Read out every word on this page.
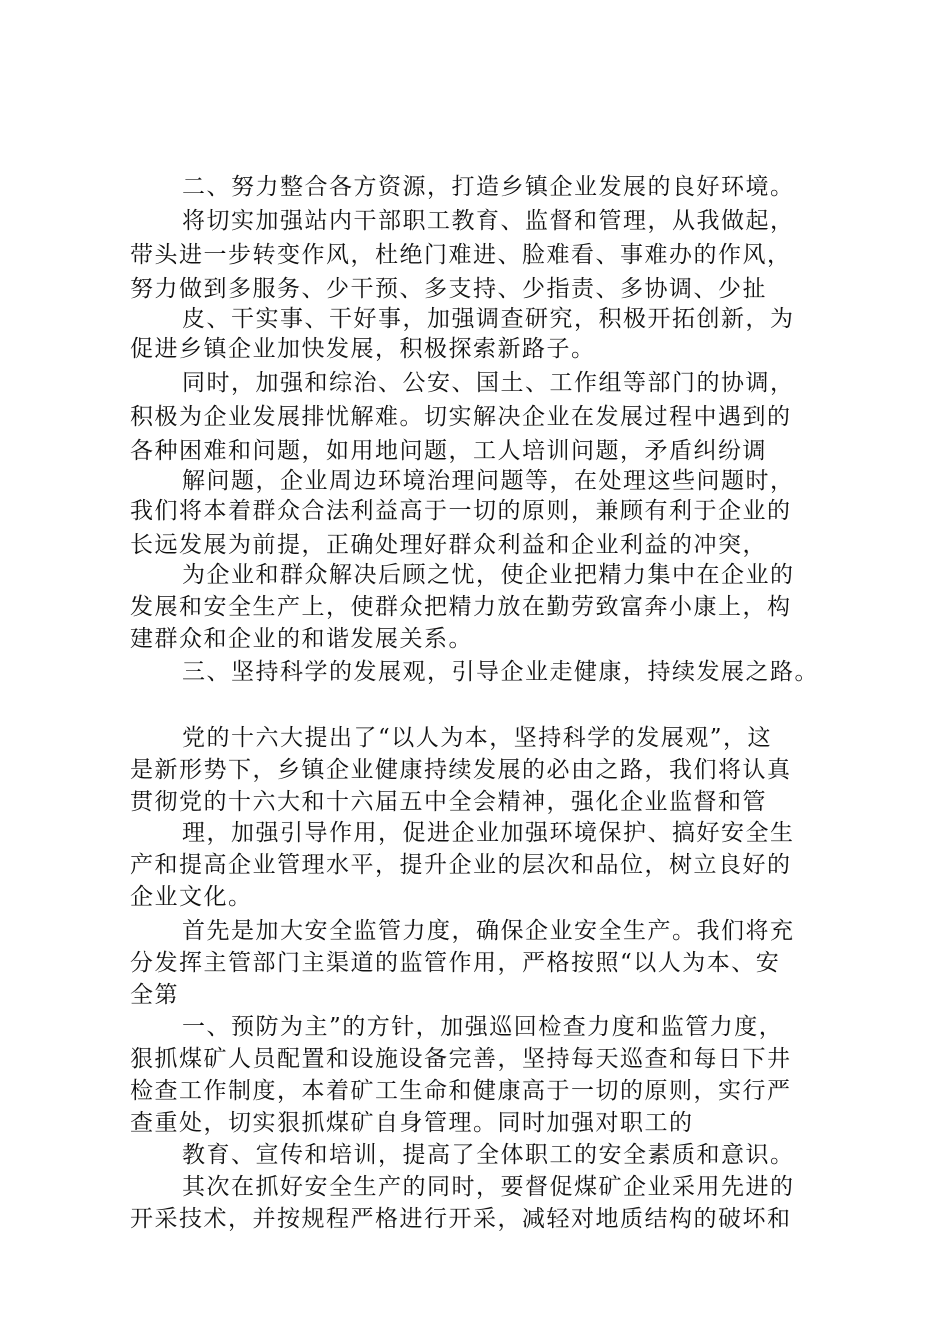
二、努力整合各方资源，打造乡镇企业发展的良好环境。
将切实加强站内干部职工教育、监督和管理，从我做起，
带头进一步转变作风，杜绝门难进、脸难看、事难办的作风，
努力做到多服务、少干预、多支持、少指责、多协调、少扯
皮、干实事、干好事，加强调查研究，积极开拓创新，为
促进乡镇企业加快发展，积极探索新路子。
同时，加强和综治、公安、国土、工作组等部门的协调，
积极为企业发展排忧解难。切实解决企业在发展过程中遇到的
各种困难和问题，如用地问题，工人培训问题，矛盾纠纷调
解问题，企业周边环境治理问题等，在处理这些问题时，
我们将本着群众合法利益高于一切的原则，兼顾有利于企业的
长远发展为前提，正确处理好群众利益和企业利益的冲突，
为企业和群众解决后顾之忧，使企业把精力集中在企业的
发展和安全生产上，使群众把精力放在勤劳致富奔小康上，构
建群众和企业的和谐发展关系。
三、坚持科学的发展观，引导企业走健康，持续发展之路。
党的十六大提出了“以人为本，坚持科学的发展观”，这
是新形势下，乡镇企业健康持续发展的必由之路，我们将认真
贯彻党的十六大和十六届五中全会精神，强化企业监督和管
理，加强引导作用，促进企业加强环境保护、搞好安全生
产和提高企业管理水平，提升企业的层次和品位，树立良好的
企业文化。
首先是加大安全监管力度，确保企业安全生产。我们将充
分发挥主管部门主渠道的监管作用，严格按照“以人为本、安
全第
一、预防为主”的方针，加强巡回检查力度和监管力度，
狠抓煤矿人员配置和设施设备完善，坚持每天巡查和每日下井
检查工作制度，本着矿工生命和健康高于一切的原则，实行严
查重处，切实狠抓煤矿自身管理。同时加强对职工的
教育、宣传和培训，提高了全体职工的安全素质和意识。
其次在抓好安全生产的同时，要督促煤矿企业采用先进的
开采技术，并按规程严格进行开采，减轻对地质结构的破坏和
